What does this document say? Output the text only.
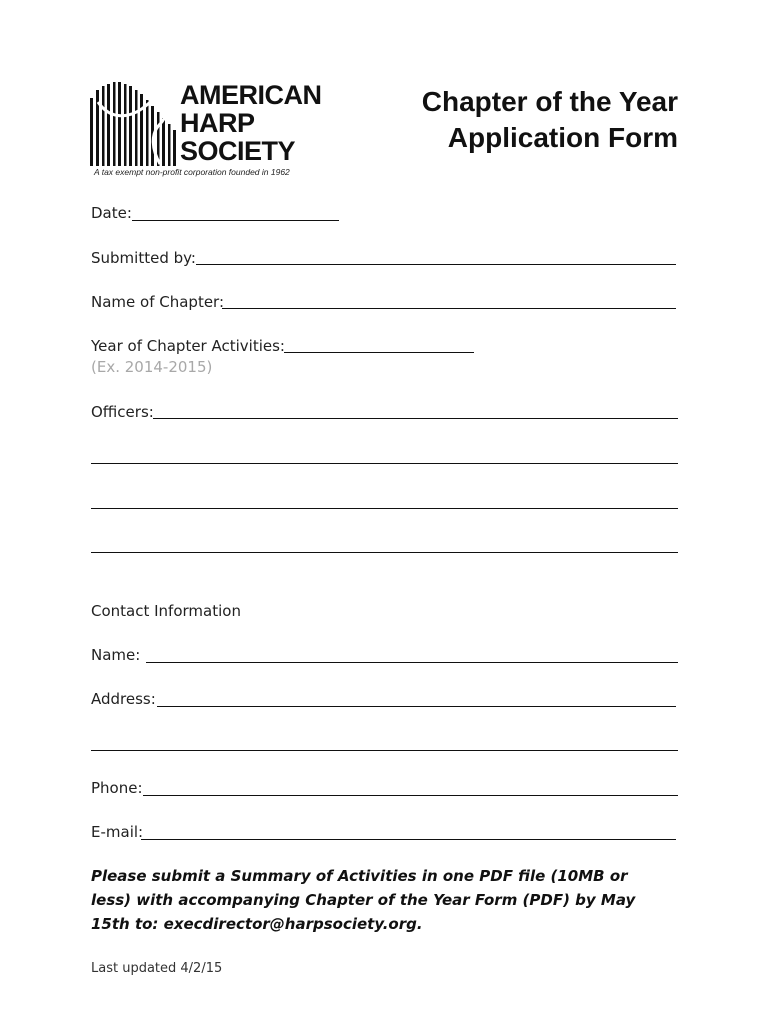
AMERICAN
HARP
SOCIETY
A tax exempt non-profit corporation founded in 1962
Chapter of the Year
Application Form
Date:
Submitted by:
Name of Chapter:
Year of Chapter Activities:
(Ex. 2014-2015)
Officers:
Contact Information
Name:
Address:
Phone:
E-mail:
Please submit a Summary of Activities in one PDF file (10MB or less) with accompanying Chapter of the Year Form (PDF) by May 15th to: execdirector@harpsociety.org.
Last updated 4/2/15
